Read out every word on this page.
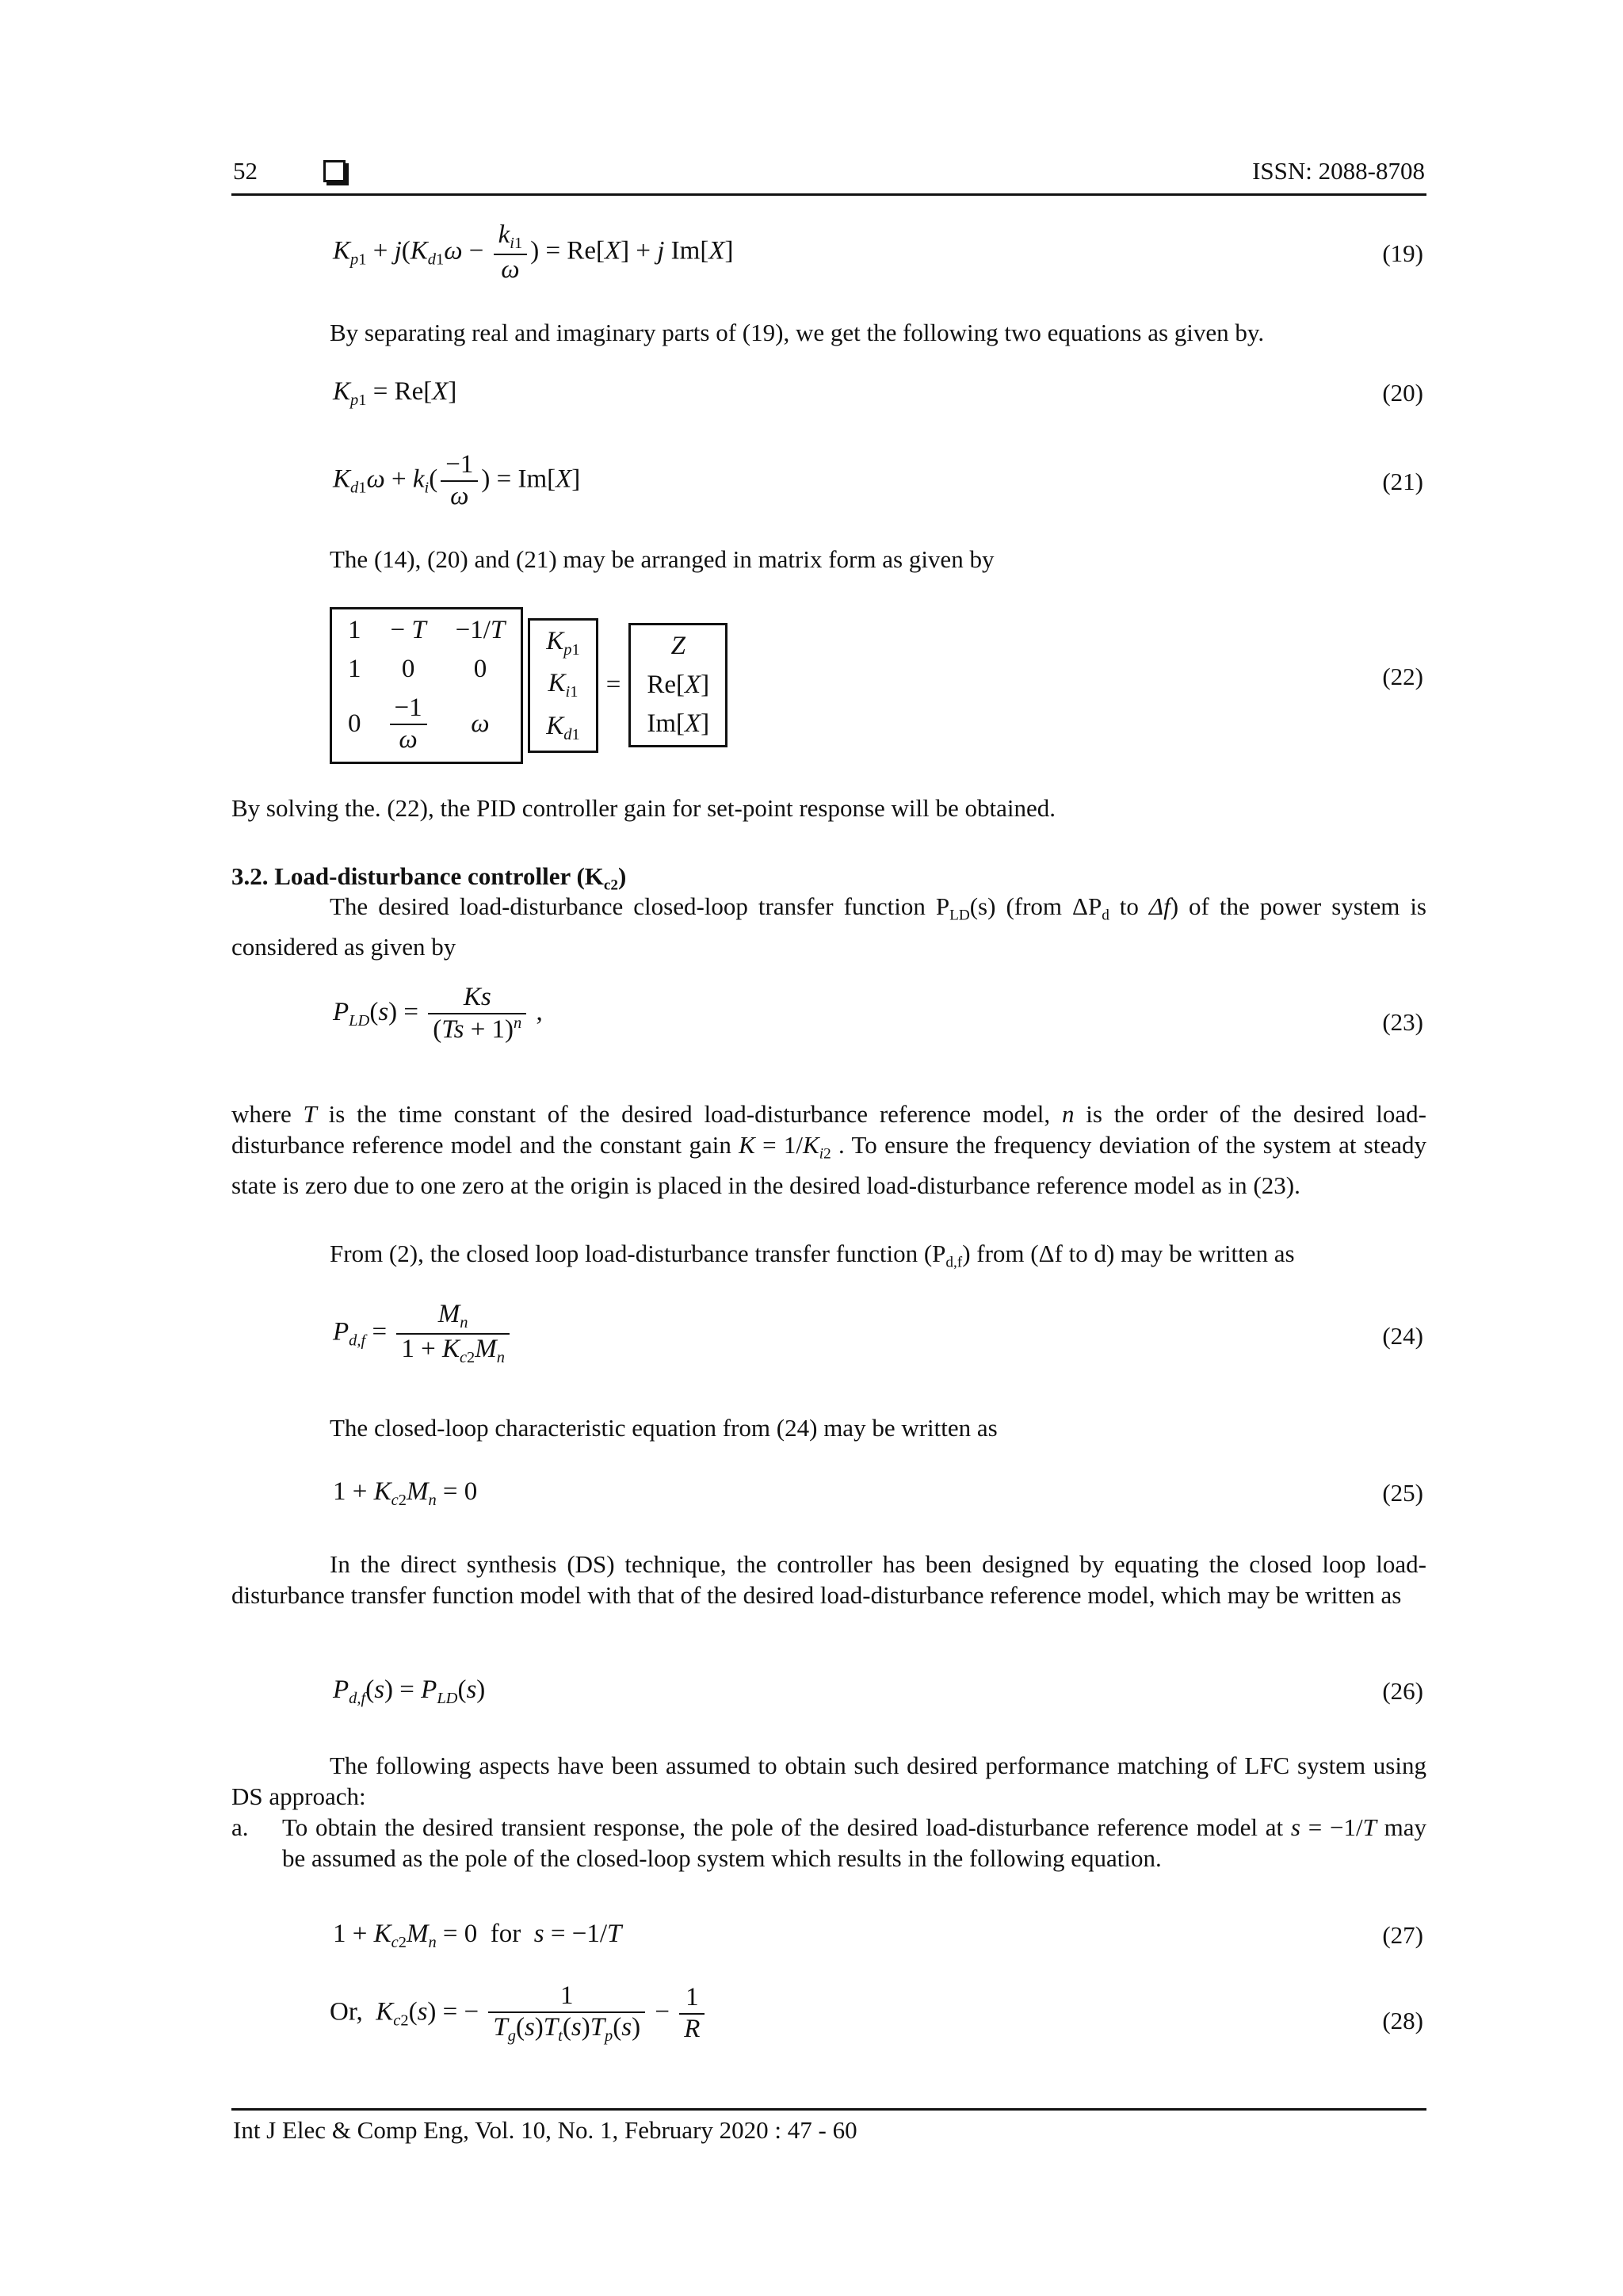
52	ISSN: 2088-8708
$K_{p1} + j(K_{d1}\omega - \frac{k_{i1}}{\omega}$ ) = Re[X] + j Im[X]	(19)
By separating real and imaginary parts of (19), we get the following two equations as given by.
$K_{p1} = Re[X]$	(20)
$K_{d1}\omega + k_i( \frac{-1}{\omega}$ ) = Im[X]	(21)
The (14), (20) and (21) may be arranged in matrix form as given by
1	− T	−1/T
1	0	0
0	$\frac{-1}{\omega}$	ω
$K_{p1}$
$K_{i1}$
$K_{d1}$
=
Z
Re[X]
Im[X]
(22)
By solving the. (22), the PID controller gain for set-point response will be obtained.
3.2. Load-disturbance controller $(K_{c2})$
The desired load-disturbance closed-loop transfer function $P_{LD}(s)$ (from $\Delta P_d$ to Δf) of the power system is considered as given by
$P_{LD}(s) = \frac{Ks}{(Ts + 1)^n}$ ,	(23)
where T is the time constant of the desired load-disturbance reference model, n is the order of the desired load-disturbance reference model and the constant gain $K = 1/K_{i2}$ . To ensure the frequency deviation of the system at steady state is zero due to one zero at the origin is placed in the desired load-disturbance reference model as in (23).
From (2), the closed loop load-disturbance transfer function $(P_{d,f})$ from (Δf to d) may be written as
$P_{d,f} = \frac{M_n}{1 + K_{c2}M_n}$	(24)
The closed-loop characteristic equation from (24) may be written as
$1 + K_{c2}M_n = 0$	(25)
In the direct synthesis (DS) technique, the controller has been designed by equating the closed loop load-disturbance transfer function model with that of the desired load-disturbance reference model, which may be written as
$P_{d,f}(s) = P_{LD}(s)$	(26)
The following aspects have been assumed to obtain such desired performance matching of LFC system using DS approach:
a.	To obtain the desired transient response, the pole of the desired load-disturbance reference model at s = −1/T may be assumed as the pole of the closed-loop system which results in the following equation.
$1 + K_{c2}M_n = 0$  for  s = −1/T	(27)
Or, $K_{c2}(s)$ = − $\frac{1}{T_g(s)T_t(s)T_p(s)} - \frac{1}{R}$	(28)
Int J Elec & Comp Eng, Vol. 10, No. 1, February 2020 : 47 - 60
